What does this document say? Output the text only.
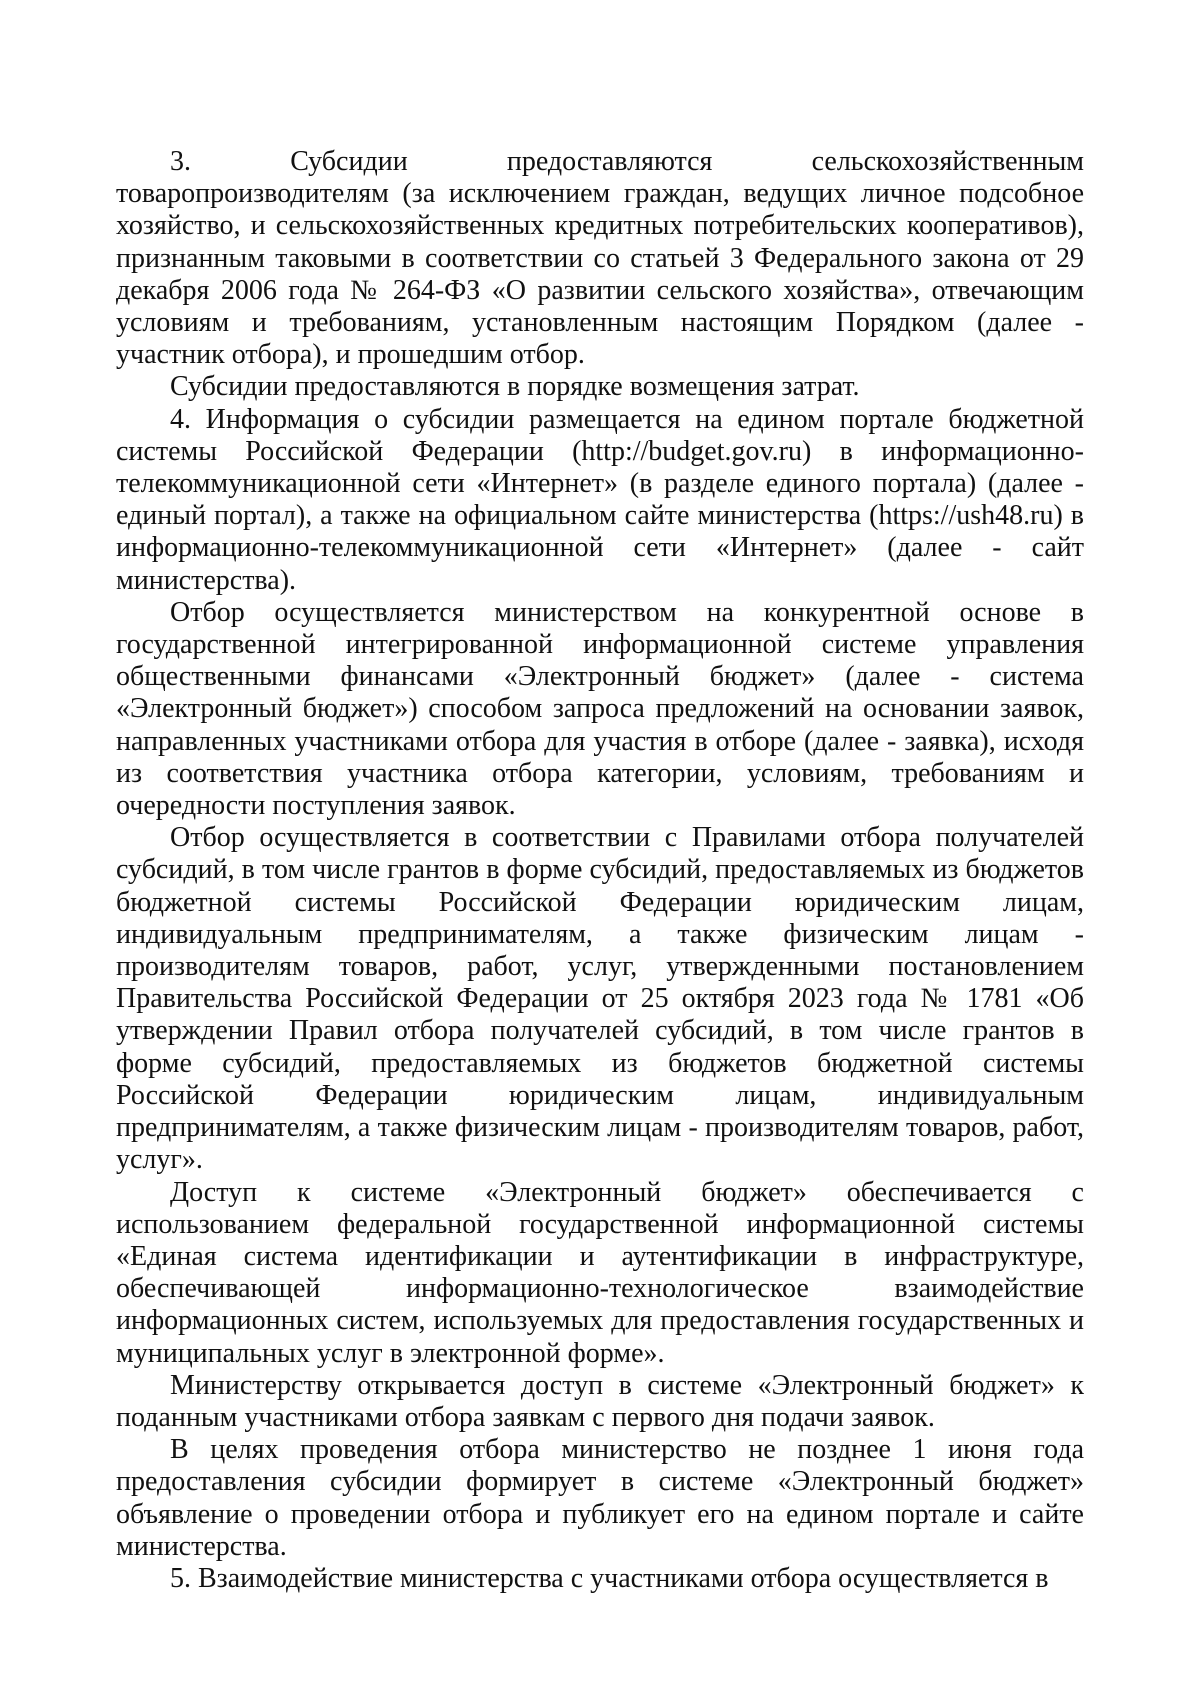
3. Субсидии предоставляются сельскохозяйственным товаропроизводителям (за исключением граждан, ведущих личное подсобное хозяйство, и сельскохозяйственных кредитных потребительских кооперативов), признанным таковыми в соответствии со статьей 3 Федерального закона от 29 декабря 2006 года № 264-ФЗ «О развитии сельского хозяйства», отвечающим условиям и требованиям, установленным настоящим Порядком (далее - участник отбора), и прошедшим отбор.

Субсидии предоставляются в порядке возмещения затрат.

4. Информация о субсидии размещается на едином портале бюджетной системы Российской Федерации (http://budget.gov.ru) в информационно-телекоммуникационной сети «Интернет» (в разделе единого портала) (далее - единый портал), а также на официальном сайте министерства (https://ush48.ru) в информационно-телекоммуникационной сети «Интернет» (далее - сайт министерства).

Отбор осуществляется министерством на конкурентной основе в государственной интегрированной информационной системе управления общественными финансами «Электронный бюджет» (далее - система «Электронный бюджет») способом запроса предложений на основании заявок, направленных участниками отбора для участия в отборе (далее - заявка), исходя из соответствия участника отбора категории, условиям, требованиям и очередности поступления заявок.

Отбор осуществляется в соответствии с Правилами отбора получателей субсидий, в том числе грантов в форме субсидий, предоставляемых из бюджетов бюджетной системы Российской Федерации юридическим лицам, индивидуальным предпринимателям, а также физическим лицам - производителям товаров, работ, услуг, утвержденными постановлением Правительства Российской Федерации от 25 октября 2023 года № 1781 «Об утверждении Правил отбора получателей субсидий, в том числе грантов в форме субсидий, предоставляемых из бюджетов бюджетной системы Российской Федерации юридическим лицам, индивидуальным предпринимателям, а также физическим лицам - производителям товаров, работ, услуг».

Доступ к системе «Электронный бюджет» обеспечивается с использованием федеральной государственной информационной системы «Единая система идентификации и аутентификации в инфраструктуре, обеспечивающей информационно-технологическое взаимодействие информационных систем, используемых для предоставления государственных и муниципальных услуг в электронной форме».

Министерству открывается доступ в системе «Электронный бюджет» к поданным участниками отбора заявкам с первого дня подачи заявок.

В целях проведения отбора министерство не позднее 1 июня года предоставления субсидии формирует в системе «Электронный бюджет» объявление о проведении отбора и публикует его на едином портале и сайте министерства.

5. Взаимодействие министерства с участниками отбора осуществляется в
